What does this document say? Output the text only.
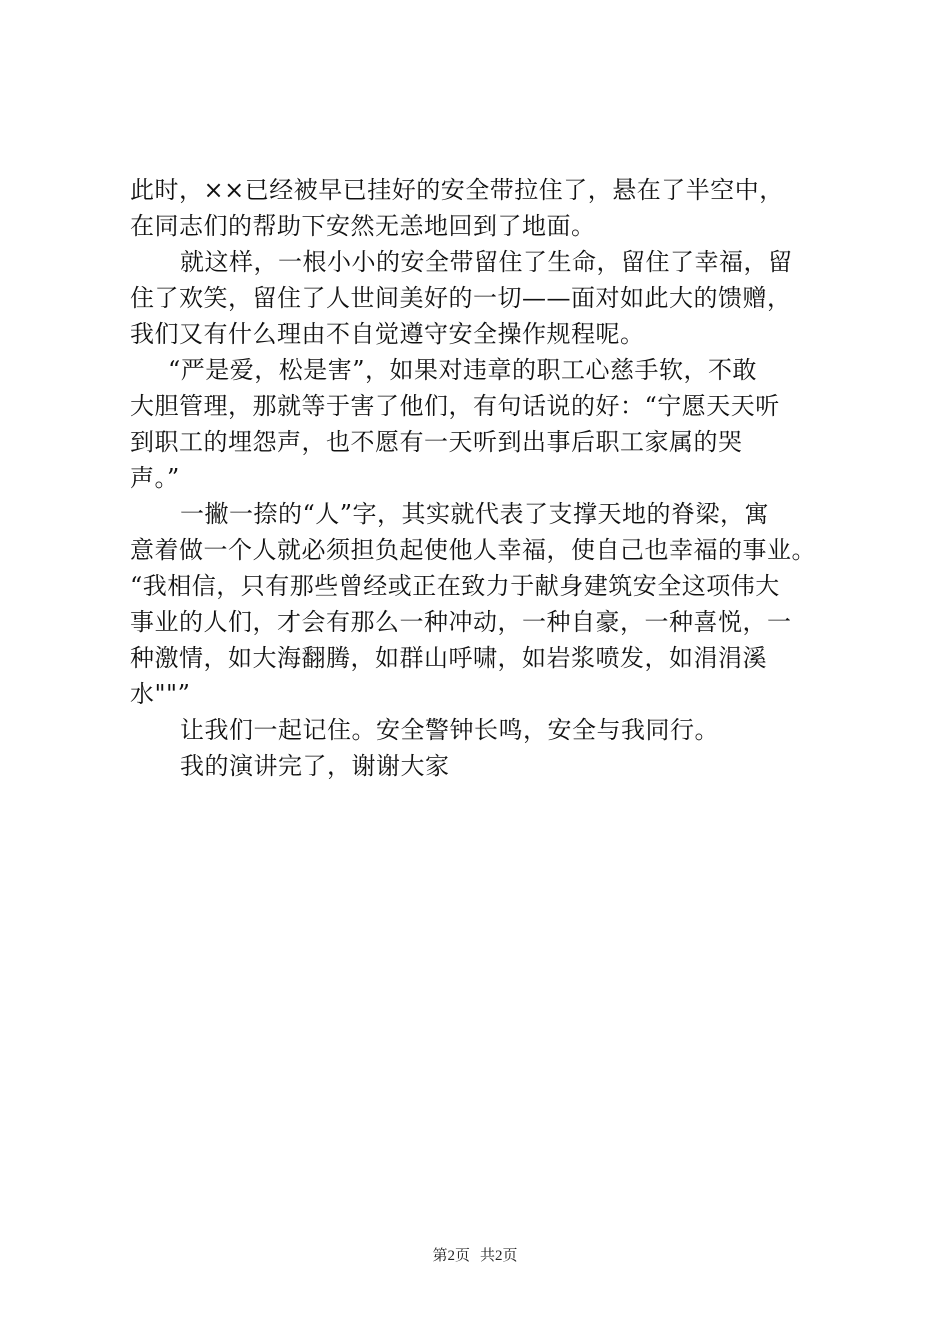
此时，××已经被早已挂好的安全带拉住了，悬在了半空中，
在同志们的帮助下安然无恙地回到了地面。
就这样，一根小小的安全带留住了生命，留住了幸福，留
住了欢笑，留住了人世间美好的一切——面对如此大的馈赠，
我们又有什么理由不自觉遵守安全操作规程呢。
“严是爱，松是害”，如果对违章的职工心慈手软，不敢
大胆管理，那就等于害了他们，有句话说的好：“宁愿天天听
到职工的埋怨声，也不愿有一天听到出事后职工家属的哭
声。”
一撇一捺的“人”字，其实就代表了支撑天地的脊梁，寓
意着做一个人就必须担负起使他人幸福，使自己也幸福的事业。
“我相信，只有那些曾经或正在致力于献身建筑安全这项伟大
事业的人们，才会有那么一种冲动，一种自豪，一种喜悦，一
种激情，如大海翻腾，如群山呼啸，如岩浆喷发，如涓涓溪
水""”
让我们一起记住。安全警钟长鸣，安全与我同行。
我的演讲完了，谢谢大家
第2页 共2页
